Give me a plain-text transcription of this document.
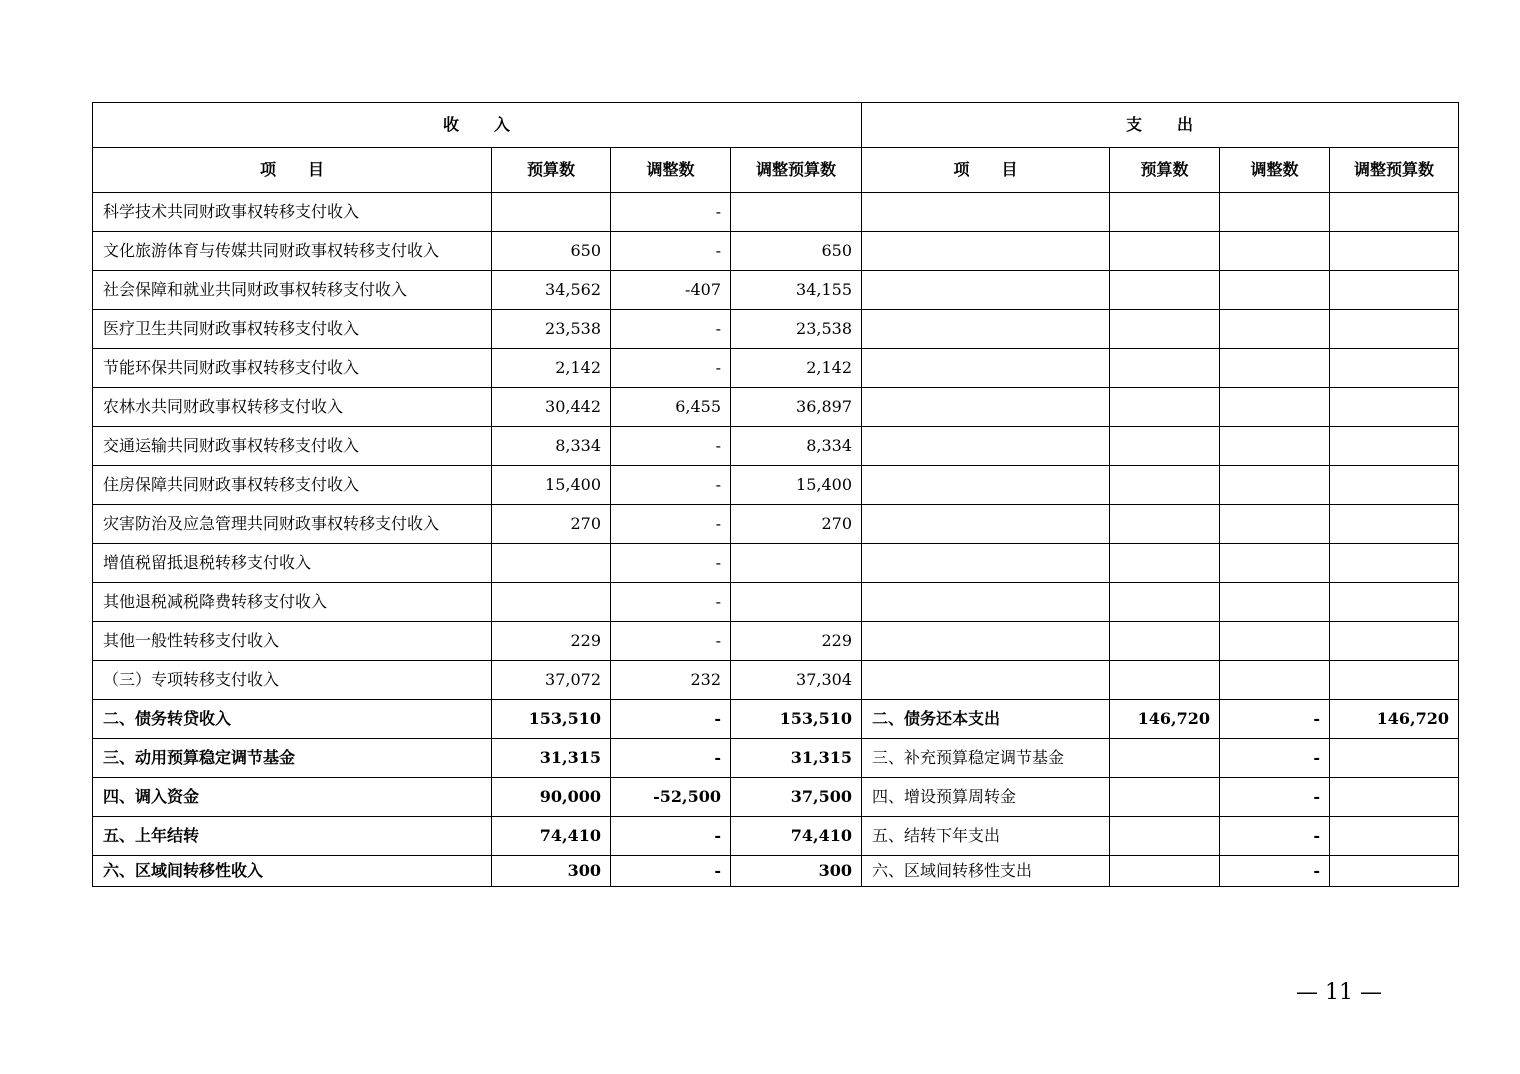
收　　入				支　　出			
项　　目	预算数	调整数	调整预算数	项　　目	预算数	调整数	调整预算数
科学技术共同财政事权转移支付收入		-					
文化旅游体育与传媒共同财政事权转移支付收入	650	-	650				
社会保障和就业共同财政事权转移支付收入	34,562	-407	34,155				
医疗卫生共同财政事权转移支付收入	23,538	-	23,538				
节能环保共同财政事权转移支付收入	2,142	-	2,142				
农林水共同财政事权转移支付收入	30,442	6,455	36,897				
交通运输共同财政事权转移支付收入	8,334	-	8,334				
住房保障共同财政事权转移支付收入	15,400	-	15,400				
灾害防治及应急管理共同财政事权转移支付收入	270	-	270				
增值税留抵退税转移支付收入		-					
其他退税减税降费转移支付收入		-					
其他一般性转移支付收入	229	-	229				
（三）专项转移支付收入	37,072	232	37,304				
二、债务转贷收入	153,510	-	153,510	二、债务还本支出	146,720	-	146,720
三、动用预算稳定调节基金	31,315	-	31,315	三、补充预算稳定调节基金		-	
四、调入资金	90,000	-52,500	37,500	四、增设预算周转金		-	
五、上年结转	74,410	-	74,410	五、结转下年支出		-	
六、区域间转移性收入	300	-	300	六、区域间转移性支出		-	
— 11 —
